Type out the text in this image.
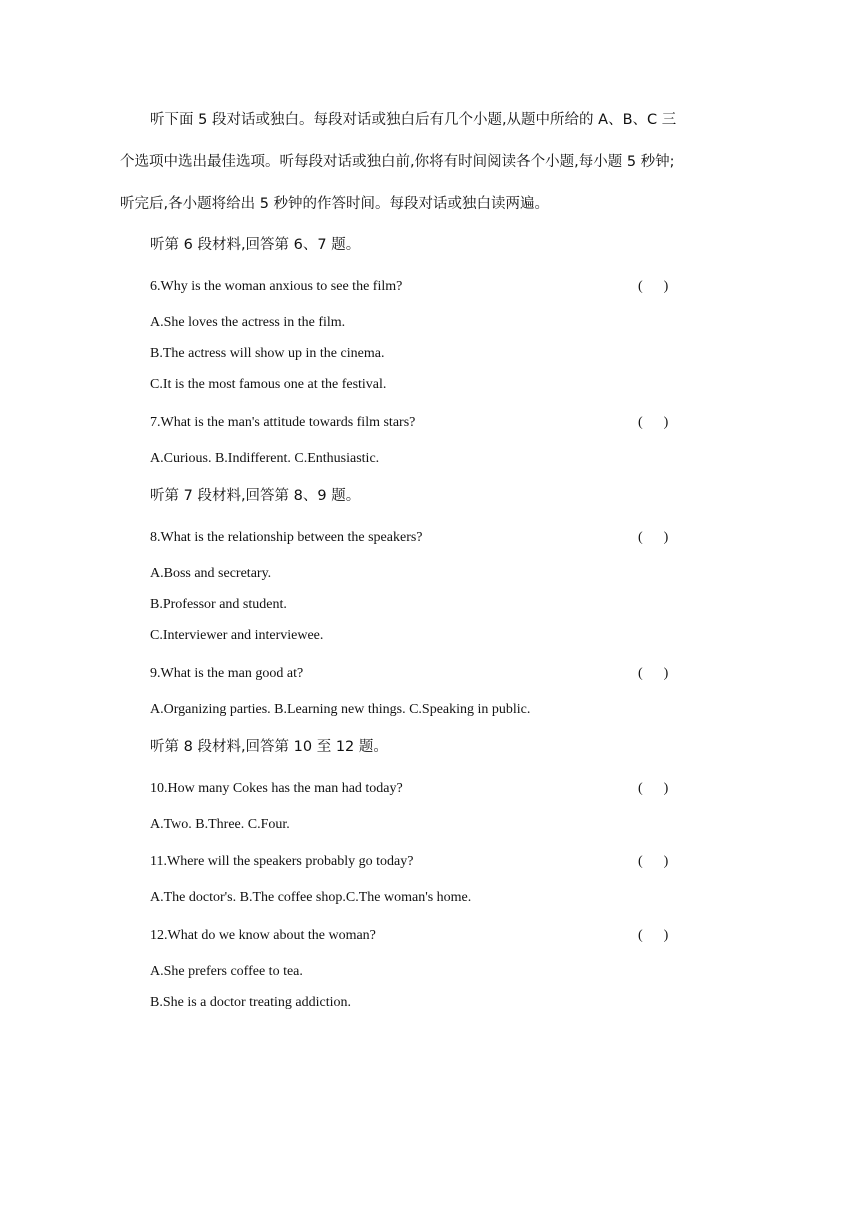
听下面 5 段对话或独白。每段对话或独白后有几个小题,从题中所给的 A、B、C 三
个选项中选出最佳选项。听每段对话或独白前,你将有时间阅读各个小题,每小题 5 秒钟;
听完后,各小题将给出 5 秒钟的作答时间。每段对话或独白读两遍。
听第 6 段材料,回答第 6、7 题。
6.Why is the woman anxious to see the film?	(      )
A.She loves the actress in the film.
B.The actress will show up in the cinema.
C.It is the most famous one at the festival.
7.What is the man's attitude towards film stars?	(      )
A.Curious. B.Indifferent. C.Enthusiastic.
听第 7 段材料,回答第 8、9 题。
8.What is the relationship between the speakers?	(      )
A.Boss and secretary.
B.Professor and student.
C.Interviewer and interviewee.
9.What is the man good at?	(      )
A.Organizing parties. B.Learning new things. C.Speaking in public.
听第 8 段材料,回答第 10 至 12 题。
10.How many Cokes has the man had today?	(      )
A.Two. B.Three. C.Four.
11.Where will the speakers probably go today?	(      )
A.The doctor's. B.The coffee shop.C.The woman's home.
12.What do we know about the woman?	(      )
A.She prefers coffee to tea.
B.She is a doctor treating addiction.
